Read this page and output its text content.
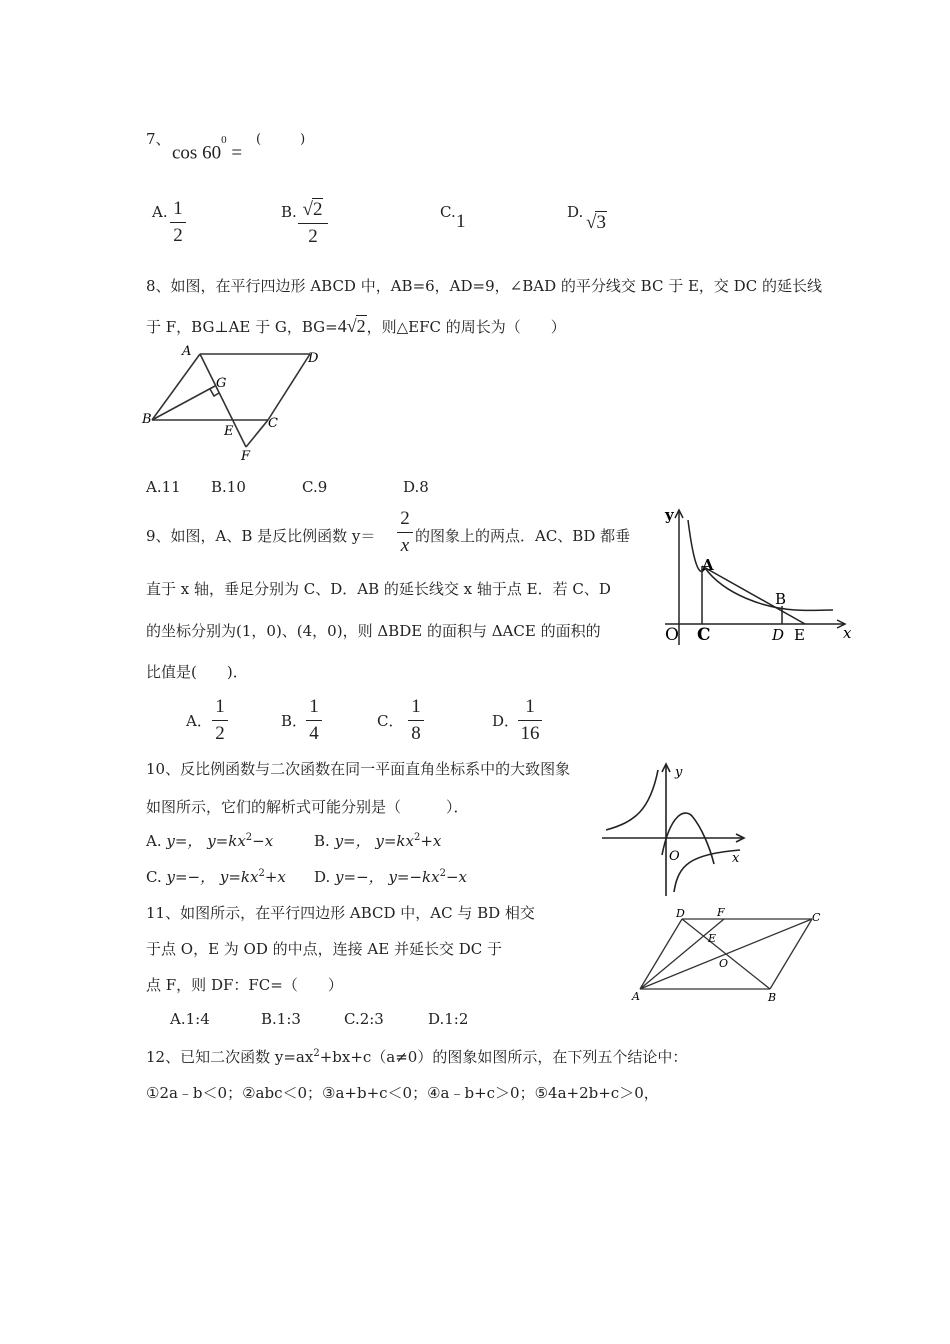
7、
$\cos 60^0$ =
(　　　)
A. 1
2
B. √2
2
C. 1	D. √3
8、如图，在平行四边形 ABCD 中，AB=6，AD=9，∠BAD 的平分线交 BC 于 E，交 DC 的延长线
于 F，BG⊥AE 于 G，BG=4√2，则△EFC 的周长为（　　）
A	D
B	C
E
F
G
A.11 B.10	C.9	D.8
9、如图，A、B 是反比例函数 y＝
2
x 的图象上的两点．AC、BD 都垂
直于 x 轴，垂足分别为 C、D．AB 的延长线交 x 轴于点 E．若 C、D
的坐标分别为(1，0)、(4，0)，则 ΔBDE 的面积与 ΔACE 的面积的
比值是(　　)．
y
A
B
O C	D E	x
A．
1
2
B．
1
4
C．
1
8
D．
1
16
10、反比例函数与二次函数在同一平面直角坐标系中的大致图象
如图所示，它们的解析式可能分别是（　　　）．
A. y=， $y=kx^2-x$	B. y=， $y=kx^2+x$
C. y=−， $y=kx^2+x$ D. y=−， $y=-kx^2-x$
y
x
O
11、如图所示，在平行四边形 ABCD 中，AC 与 BD 相交
于点 O，E 为 OD 的中点，连接 AE 并延长交 DC 于
点 F，则 DF：FC=（　　）
D	F	C
E
O
A	B
A.1:4	B.1:3	C.2:3	D.1:2
12、已知二次函数 $y=ax^2+bx+c(a\ne 0)$的图象如图所示，在下列五个结论中：
①2a﹣b＜0；②abc＜0；③a+b+c＜0；④a﹣b+c＞0；⑤4a+2b+c＞0，
